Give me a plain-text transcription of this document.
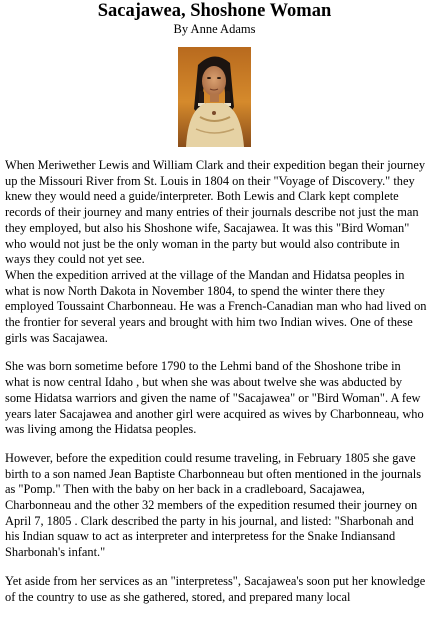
Sacajawea, Shoshone Woman
By Anne Adams

When Meriwether Lewis and William Clark and their expedition began their journey up the Missouri River from St. Louis in 1804 on their "Voyage of Discovery." they knew they would need a guide/interpreter. Both Lewis and Clark kept complete records of their journey and many entries of their journals describe not just the man they employed, but also his Shoshone wife, Sacajawea. It was this "Bird Woman" who would not just be the only woman in the party but would also contribute in ways they could not yet see.

When the expedition arrived at the village of the Mandan and Hidatsa peoples in what is now North Dakota in November 1804, to spend the winter there they employed Toussaint Charbonneau. He was a French-Canadian man who had lived on the frontier for several years and brought with him two Indian wives. One of these girls was Sacajawea.

She was born sometime before 1790 to the Lehmi band of the Shoshone tribe in what is now central Idaho , but when she was about twelve she was abducted by some Hidatsa warriors and given the name of "Sacajawea" or "Bird Woman". A few years later Sacajawea and another girl were acquired as wives by Charbonneau, who was living among the Hidatsa peoples.

However, before the expedition could resume traveling, in February 1805 she gave birth to a son named Jean Baptiste Charbonneau but often mentioned in the journals as "Pomp." Then with the baby on her back in a cradleboard, Sacajawea, Charbonneau and the other 32 members of the expedition resumed their journey on April 7, 1805 . Clark described the party in his journal, and listed: "Sharbonah and his Indian squaw to act as interpreter and interpretess for the Snake Indiansand Sharbonah's infant."

Yet aside from her services as an "interpretess", Sacajawea's soon put her knowledge of the country to use as she gathered, stored, and prepared many local
